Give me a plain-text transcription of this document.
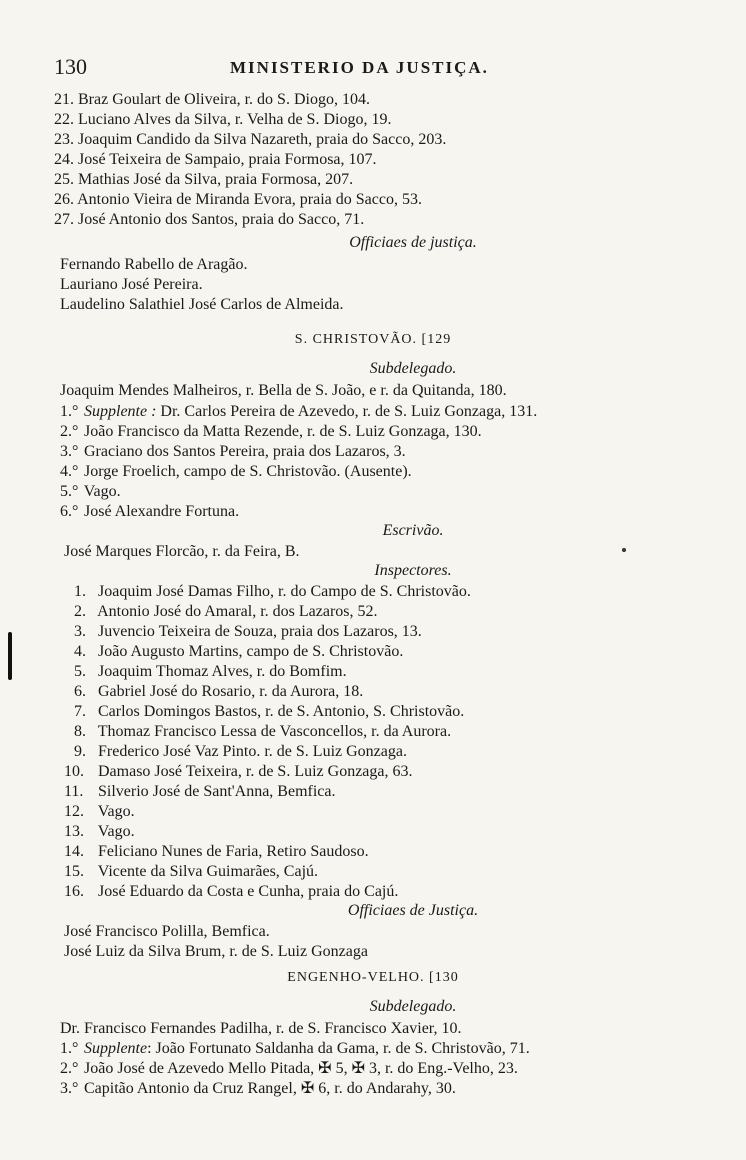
130	MINISTERIO DA JUSTIÇA.
21. Braz Goulart de Oliveira, r. do S. Diogo, 104.
22. Luciano Alves da Silva, r. Velha de S. Diogo, 19.
23. Joaquim Candido da Silva Nazareth, praia do Sacco, 203.
24. José Teixeira de Sampaio, praia Formosa, 107.
25. Mathias José da Silva, praia Formosa, 207.
26. Antonio Vieira de Miranda Evora, praia do Sacco, 53.
27. José Antonio dos Santos, praia do Sacco, 71.
Officiaes de justiça.
Fernando Rabello de Aragão.
Lauriano José Pereira.
Laudelino Salathiel José Carlos de Almeida.
S. CHRISTOVÃO. [129
Subdelegado.
Joaquim Mendes Malheiros, r. Bella de S. João, e r. da Quitanda, 180.
1.° Supplente : Dr. Carlos Pereira de Azevedo, r. de S. Luiz Gonzaga, 131.
2.° João Francisco da Matta Rezende, r. de S. Luiz Gonzaga, 130.
3.° Graciano dos Santos Pereira, praia dos Lazaros, 3.
4.° Jorge Froelich, campo de S. Christovão. (Ausente).
5.° Vago.
6.° José Alexandre Fortuna.
Escrivão.
José Marques Florcão, r. da Feira, B.
Inspectores.
1. Joaquim José Damas Filho, r. do Campo de S. Christovão.
2. Antonio José do Amaral, r. dos Lazaros, 52.
3. Juvencio Teixeira de Souza, praia dos Lazaros, 13.
4. João Augusto Martins, campo de S. Christovão.
5. Joaquim Thomaz Alves, r. do Bomfim.
6. Gabriel José do Rosario, r. da Aurora, 18.
7. Carlos Domingos Bastos, r. de S. Antonio, S. Christovão.
8. Thomaz Francisco Lessa de Vasconcellos, r. da Aurora.
9. Frederico José Vaz Pinto. r. de S. Luiz Gonzaga.
10. Damaso José Teixeira, r. de S. Luiz Gonzaga, 63.
11. Silverio José de Sant'Anna, Bemfica.
12. Vago.
13. Vago.
14. Feliciano Nunes de Faria, Retiro Saudoso.
15. Vicente da Silva Guimarães, Cajú.
16. José Eduardo da Costa e Cunha, praia do Cajú.
Officiaes de Justiça.
José Francisco Polilla, Bemfica.
José Luiz da Silva Brum, r. de S. Luiz Gonzaga
ENGENHO-VELHO. [130
Subdelegado.
Dr. Francisco Fernandes Padilha, r. de S. Francisco Xavier, 10.
1.° Supplente: João Fortunato Saldanha da Gama, r. de S. Christovão, 71.
2.° João José de Azevedo Mello Pitada, ✠ 5, ✠ 3, r. do Eng.-Velho, 23.
3.° Capitão Antonio da Cruz Rangel, ✠ 6, r. do Andarahy, 30.
